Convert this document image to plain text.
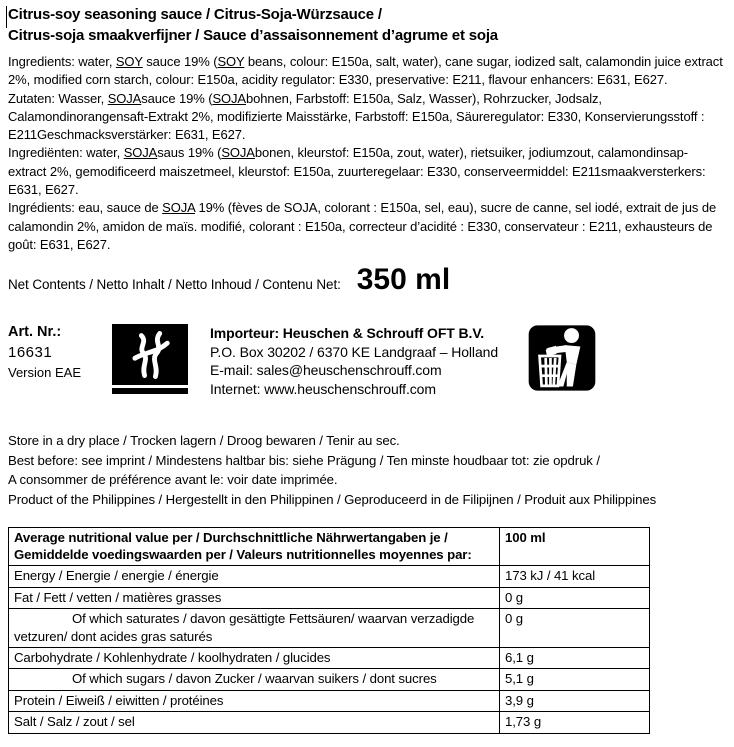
Citrus-soy seasoning sauce / Citrus-Soja-Würzsauce /
Citrus-soja smaakverfijner / Sauce d’assaisonnement d’agrume et soja

Ingredients: water, SOY sauce 19% (SOY beans, colour: E150a, salt, water), cane sugar, iodized salt, calamondin juice extract 2%, modified corn starch, colour: E150a, acidity regulator: E330, preservative: E211, flavour enhancers: E631, E627.

Zutaten: Wasser, SOJAsauce 19% (SOJAbohnen, Farbstoff: E150a, Salz, Wasser), Rohrzucker, Jodsalz, Calamondinorangensaft-Extrakt 2%, modifizierte Maisstärke, Farbstoff: E150a, Säureregulator: E330, Konservierungsstoff : E211Geschmacksverstärker: E631, E627.

Ingrediënten: water, SOJAsaus 19% (SOJAbonen, kleurstof: E150a, zout, water), rietsuiker, jodiumzout, calamondinsap-extract 2%, gemodificeerd maiszetmeel, kleurstof: E150a, zuurteregelaar: E330, conserveermiddel: E211smaakversterkers: E631, E627.

Ingrédients: eau, sauce de SOJA 19% (fèves de SOJA, colorant : E150a, sel, eau), sucre de canne, sel iodé, extrait de jus de calamondin 2%, amidon de maïs. modifié, colorant : E150a, correcteur d’acidité : E330, conservateur : E211, exhausteurs de goût: E631, E627.

Net Contents / Netto Inhalt / Netto Inhoud / Contenu Net: 350 ml
Art. Nr.:
16631
Version EAE
Importeur: Heuschen & Schrouff OFT B.V.
P.O. Box 30202 / 6370 KE Landgraaf – Holland
E-mail: sales@heuschenschrouff.com
Internet: www.heuschenschrouff.com
Store in a dry place / Trocken lagern / Droog bewaren / Tenir au sec.
Best before: see imprint / Mindestens haltbar bis: siehe Prägung / Ten minste houdbaar tot: zie opdruk /
A consommer de préférence avant le: voir date imprimée.
Product of the Philippines / Hergestellt in den Philippinen / Geproduceerd in de Filipijnen / Produit aux Philippines
Average nutritional value per / Durchschnittliche Nährwertangaben je / Gemiddelde voedingswaarden per / Valeurs nutritionnelles moyennes par:	100 ml
Energy / Energie / energie / énergie	173 kJ / 41 kcal
Fat / Fett / vetten / matières grasses	0 g
Of which saturates / davon gesättigte Fettsäuren/ waarvan verzadigde vetzuren/ dont acides gras saturés	0 g
Carbohydrate / Kohlenhydrate / koolhydraten / glucides	6,1 g
Of which sugars / davon Zucker / waarvan suikers / dont sucres	5,1 g
Protein / Eiweiß / eiwitten / protéines	3,9 g
Salt / Salz / zout / sel	1,73 g
